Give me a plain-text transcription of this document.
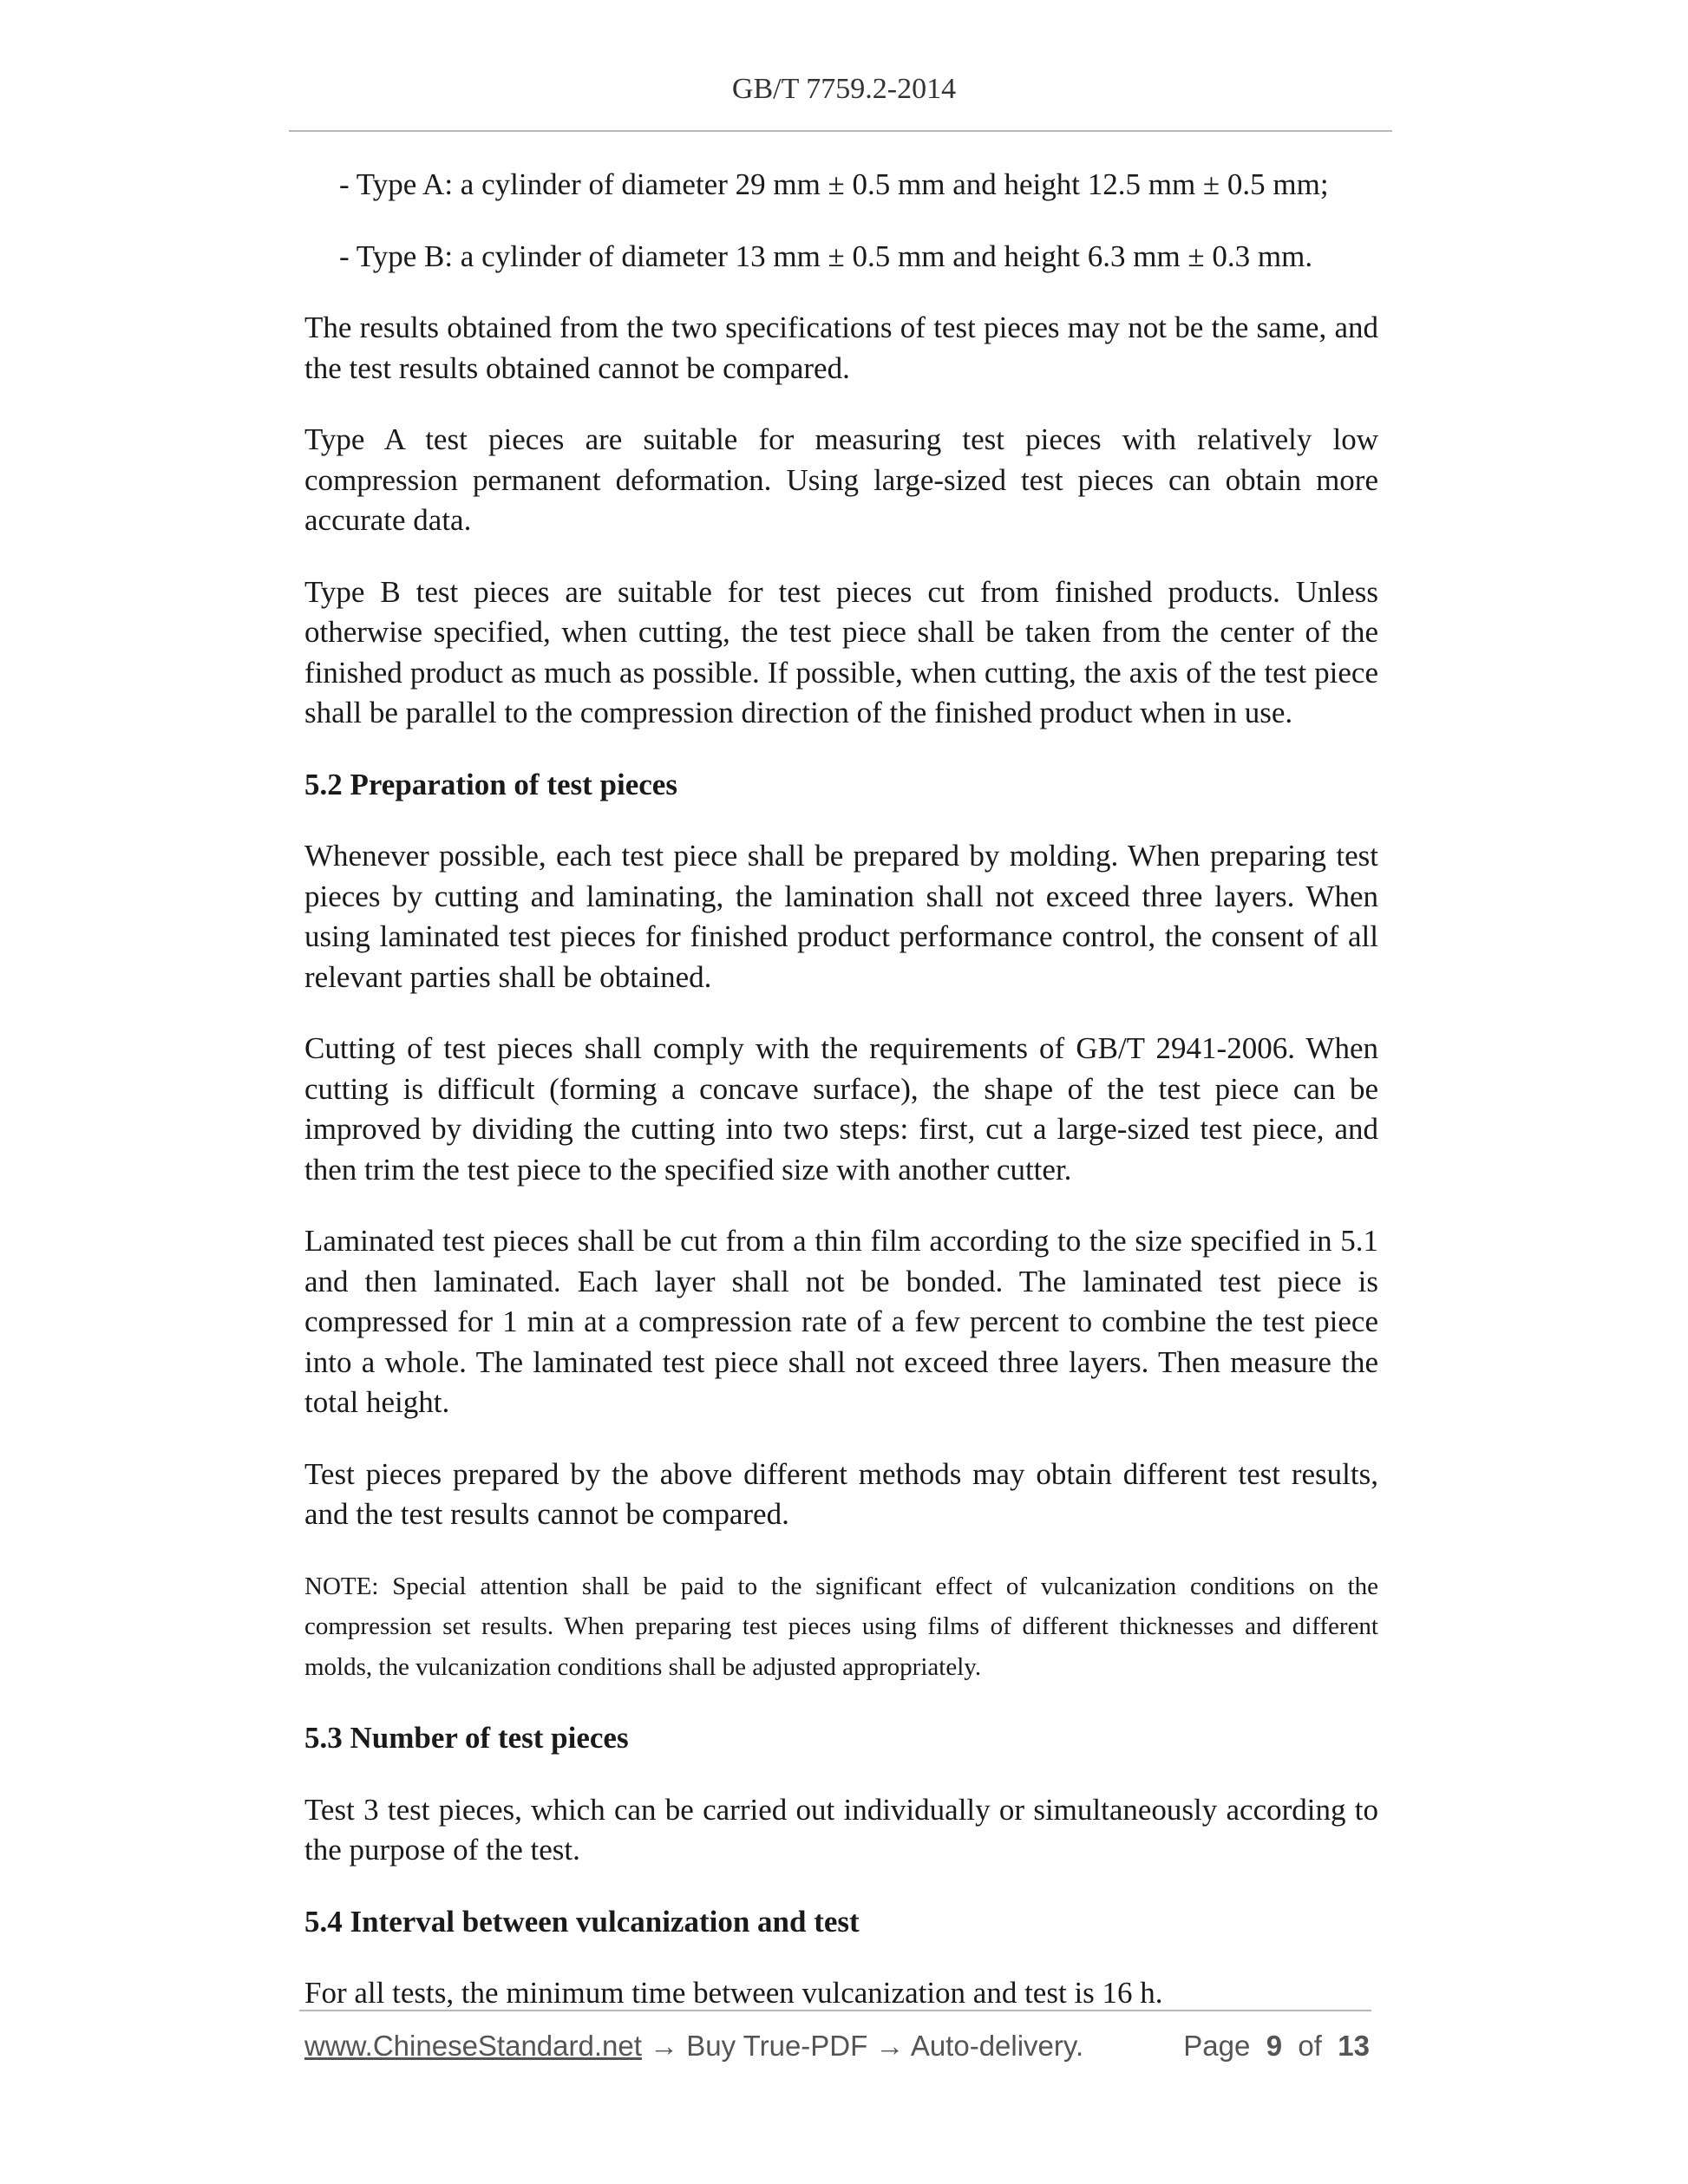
GB/T 7759.2-2014
- Type A: a cylinder of diameter 29 mm ± 0.5 mm and height 12.5 mm ± 0.5 mm;
- Type B: a cylinder of diameter 13 mm ± 0.5 mm and height 6.3 mm ± 0.3 mm.
The results obtained from the two specifications of test pieces may not be the same, and the test results obtained cannot be compared.
Type A test pieces are suitable for measuring test pieces with relatively low compression permanent deformation. Using large-sized test pieces can obtain more accurate data.
Type B test pieces are suitable for test pieces cut from finished products. Unless otherwise specified, when cutting, the test piece shall be taken from the center of the finished product as much as possible. If possible, when cutting, the axis of the test piece shall be parallel to the compression direction of the finished product when in use.
5.2 Preparation of test pieces
Whenever possible, each test piece shall be prepared by molding. When preparing test pieces by cutting and laminating, the lamination shall not exceed three layers. When using laminated test pieces for finished product performance control, the consent of all relevant parties shall be obtained.
Cutting of test pieces shall comply with the requirements of GB/T 2941-2006. When cutting is difficult (forming a concave surface), the shape of the test piece can be improved by dividing the cutting into two steps: first, cut a large-sized test piece, and then trim the test piece to the specified size with another cutter.
Laminated test pieces shall be cut from a thin film according to the size specified in 5.1 and then laminated. Each layer shall not be bonded. The laminated test piece is compressed for 1 min at a compression rate of a few percent to combine the test piece into a whole. The laminated test piece shall not exceed three layers. Then measure the total height.
Test pieces prepared by the above different methods may obtain different test results, and the test results cannot be compared.
NOTE: Special attention shall be paid to the significant effect of vulcanization conditions on the compression set results. When preparing test pieces using films of different thicknesses and different molds, the vulcanization conditions shall be adjusted appropriately.
5.3 Number of test pieces
Test 3 test pieces, which can be carried out individually or simultaneously according to the purpose of the test.
5.4 Interval between vulcanization and test
For all tests, the minimum time between vulcanization and test is 16 h.
www.ChineseStandard.net → Buy True-PDF → Auto-delivery.	Page 9 of 13
